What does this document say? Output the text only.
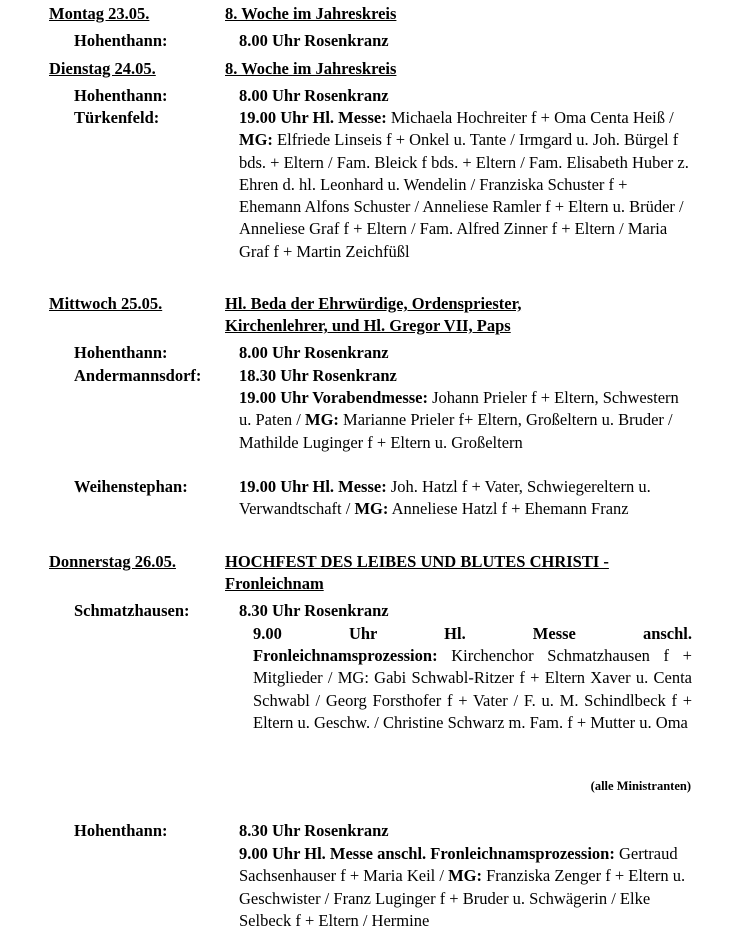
Montag 23.05.	8. Woche im Jahreskreis
Hohenthann:	8.00 Uhr Rosenkranz
Dienstag 24.05.	8. Woche im Jahreskreis
Hohenthann:	8.00 Uhr Rosenkranz
Türkenfeld:	19.00 Uhr Hl. Messe: Michaela Hochreiter f + Oma Centa Heiß / MG: Elfriede Linseis f + Onkel u. Tante / Irmgard u. Joh. Bürgel f bds. + Eltern / Fam. Bleick f bds. + Eltern / Fam. Elisabeth Huber z. Ehren d. hl. Leonhard u. Wendelin / Franziska Schuster f + Ehemann Alfons Schuster / Anneliese Ramler f + Eltern u. Brüder / Anneliese Graf f + Eltern / Fam. Alfred Zinner f + Eltern / Maria Graf f + Martin Zeichfüßl
Mittwoch 25.05.	Hl. Beda der Ehrwürdige, Ordenspriester, Kirchenlehrer, und Hl. Gregor VII, Paps
Hohenthann:	8.00 Uhr Rosenkranz
Andermannsdorf: 18.30 Uhr Rosenkranz
19.00 Uhr Vorabendmesse: Johann Prieler f + Eltern, Schwestern u. Paten / MG: Marianne Prieler f+ Eltern, Großeltern u. Bruder / Mathilde Luginger f + Eltern u. Großeltern
Weihenstephan:	19.00 Uhr Hl. Messe: Joh. Hatzl f + Vater, Schwiegereltern u. Verwandtschaft / MG: Anneliese Hatzl f + Ehemann Franz
Donnerstag 26.05.	HOCHFEST DES LEIBES UND BLUTES CHRISTI - Fronleichnam
Schmatzhausen:	8.30 Uhr Rosenkranz
9.00 Uhr Hl. Messe anschl.
Fronleichnamsprozession: Kirchenchor Schmatzhausen f + Mitglieder / MG: Gabi Schwabl-Ritzer f + Eltern Xaver u. Centa Schwabl / Georg Forsthofer f + Vater / F. u. M. Schindlbeck f + Eltern u. Geschw. / Christine Schwarz m. Fam. f + Mutter u. Oma
(alle Ministranten)
Hohenthann:	8.30 Uhr Rosenkranz
9.00 Uhr Hl. Messe anschl. Fronleichnamsprozession: Gertraud Sachsenhauser f + Maria Keil / MG: Franziska Zenger f + Eltern u. Geschwister / Franz Luginger f + Bruder u. Schwägerin / Elke Selbeck f + Eltern / Hermine
